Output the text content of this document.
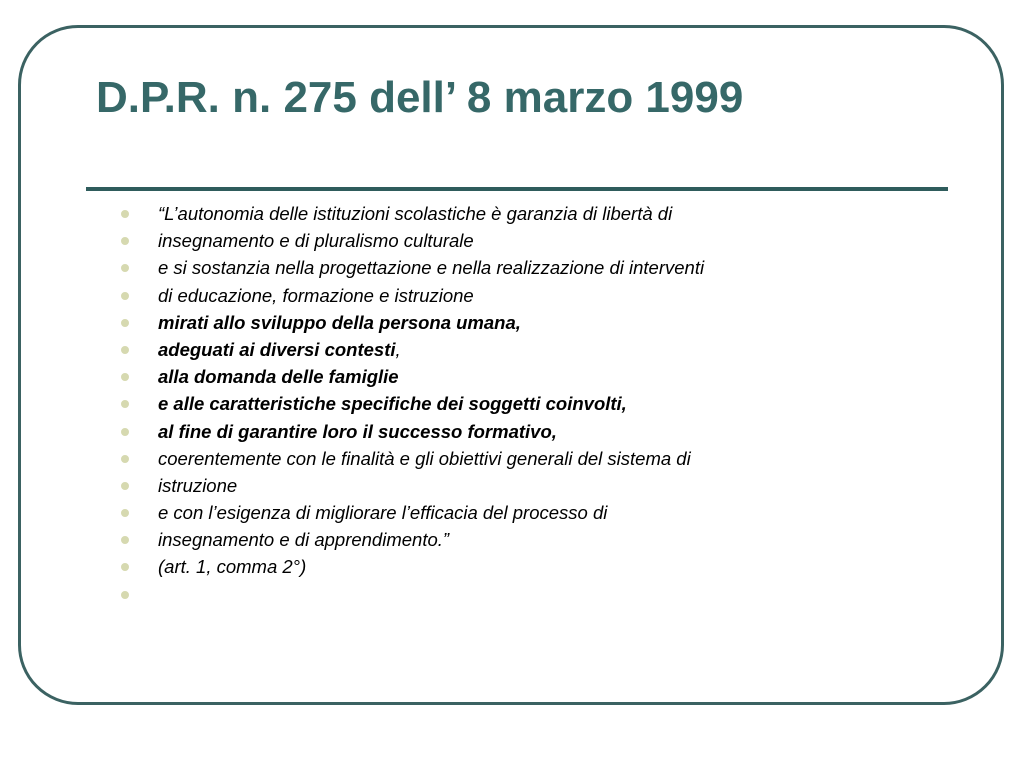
D.P.R. n. 275 dell’ 8 marzo 1999
“L’autonomia delle istituzioni scolastiche è garanzia di libertà di
insegnamento e di pluralismo culturale
e si sostanzia nella progettazione e nella realizzazione di interventi
di educazione, formazione e istruzione
mirati allo sviluppo della persona umana,
adeguati ai diversi contesti,
alla domanda delle famiglie
e alle caratteristiche specifiche dei soggetti coinvolti,
al fine di garantire loro il successo formativo,
coerentemente con le finalità e gli obiettivi generali del sistema di
istruzione
e con l’esigenza di migliorare l’efficacia del processo di
insegnamento e di apprendimento.”
(art. 1, comma 2°)
